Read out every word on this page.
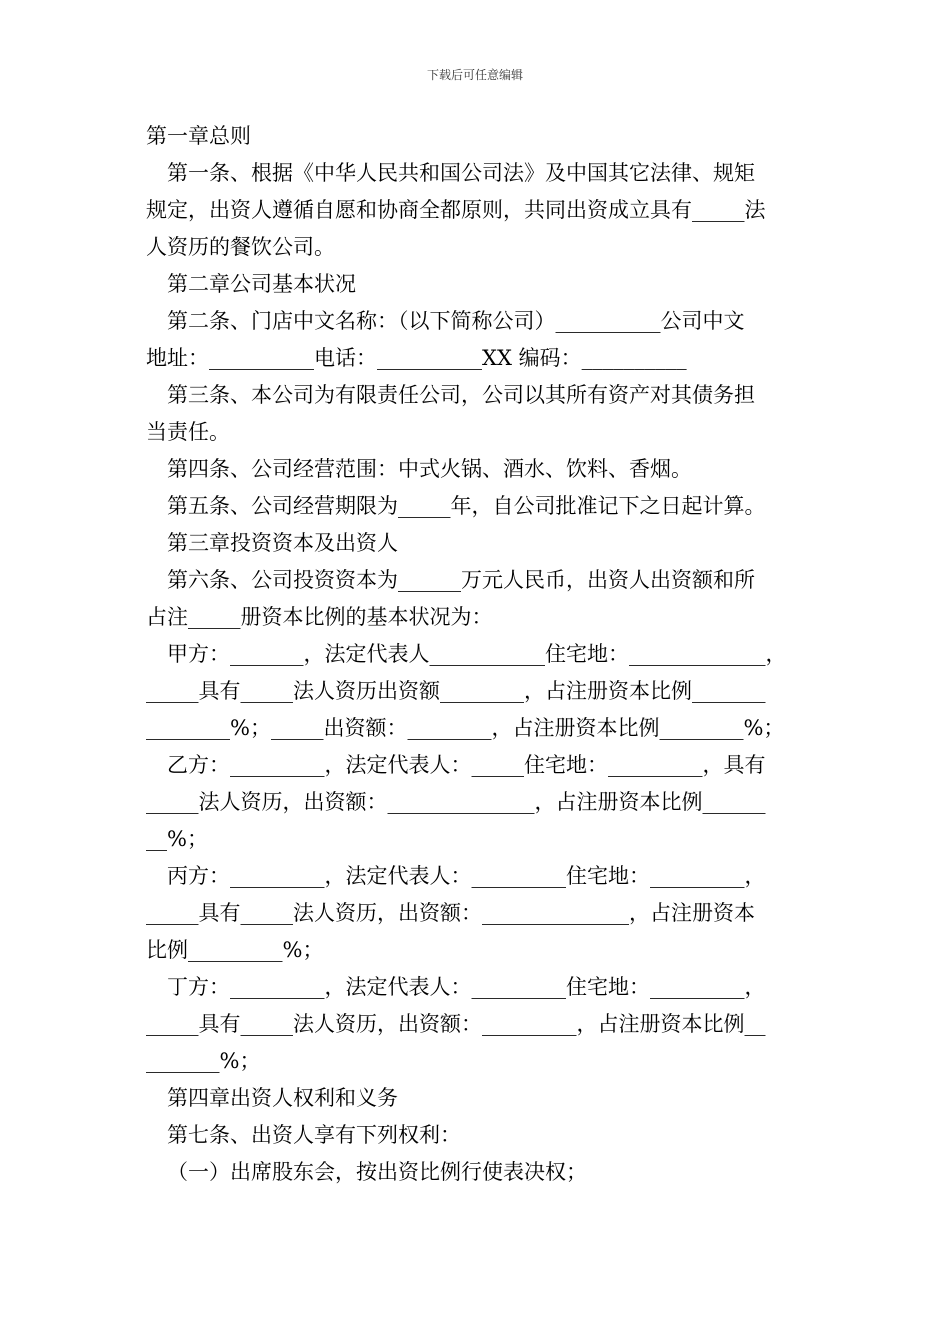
下载后可任意编辑
第一章总则
第一条、根据《中华人民共和国公司法》及中国其它法律、规矩
规定，出资人遵循自愿和协商全都原则，共同出资成立具有_____法
人资历的餐饮公司。
第二章公司基本状况
第二条、门店中文名称：（以下简称公司）__________公司中文
地址：__________电话：__________XX 编码：__________
第三条、本公司为有限责任公司，公司以其所有资产对其债务担
当责任。
第四条、公司经营范围：中式火锅、酒水、饮料、香烟。
第五条、公司经营期限为_____年，自公司批准记下之日起计算。
第三章投资资本及出资人
第六条、公司投资资本为______万元人民币，出资人出资额和所
占注_____册资本比例的基本状况为：
甲方：_______，法定代表人___________住宅地：_____________，
_____具有_____法人资历出资额________，占注册资本比例_______
________%；_____出资额：________，占注册资本比例________%；
乙方：_________，法定代表人：_____住宅地：_________，具有
_____法人资历，出资额：______________，占注册资本比例______
__%；
丙方：_________，法定代表人：_________住宅地：_________，
_____具有_____法人资历，出资额：______________，占注册资本
比例_________%；
丁方：_________，法定代表人：_________住宅地：_________，
_____具有_____法人资历，出资额：_________，占注册资本比例__
_______%；
第四章出资人权利和义务
第七条、出资人享有下列权利：
（一）出席股东会，按出资比例行使表决权；
